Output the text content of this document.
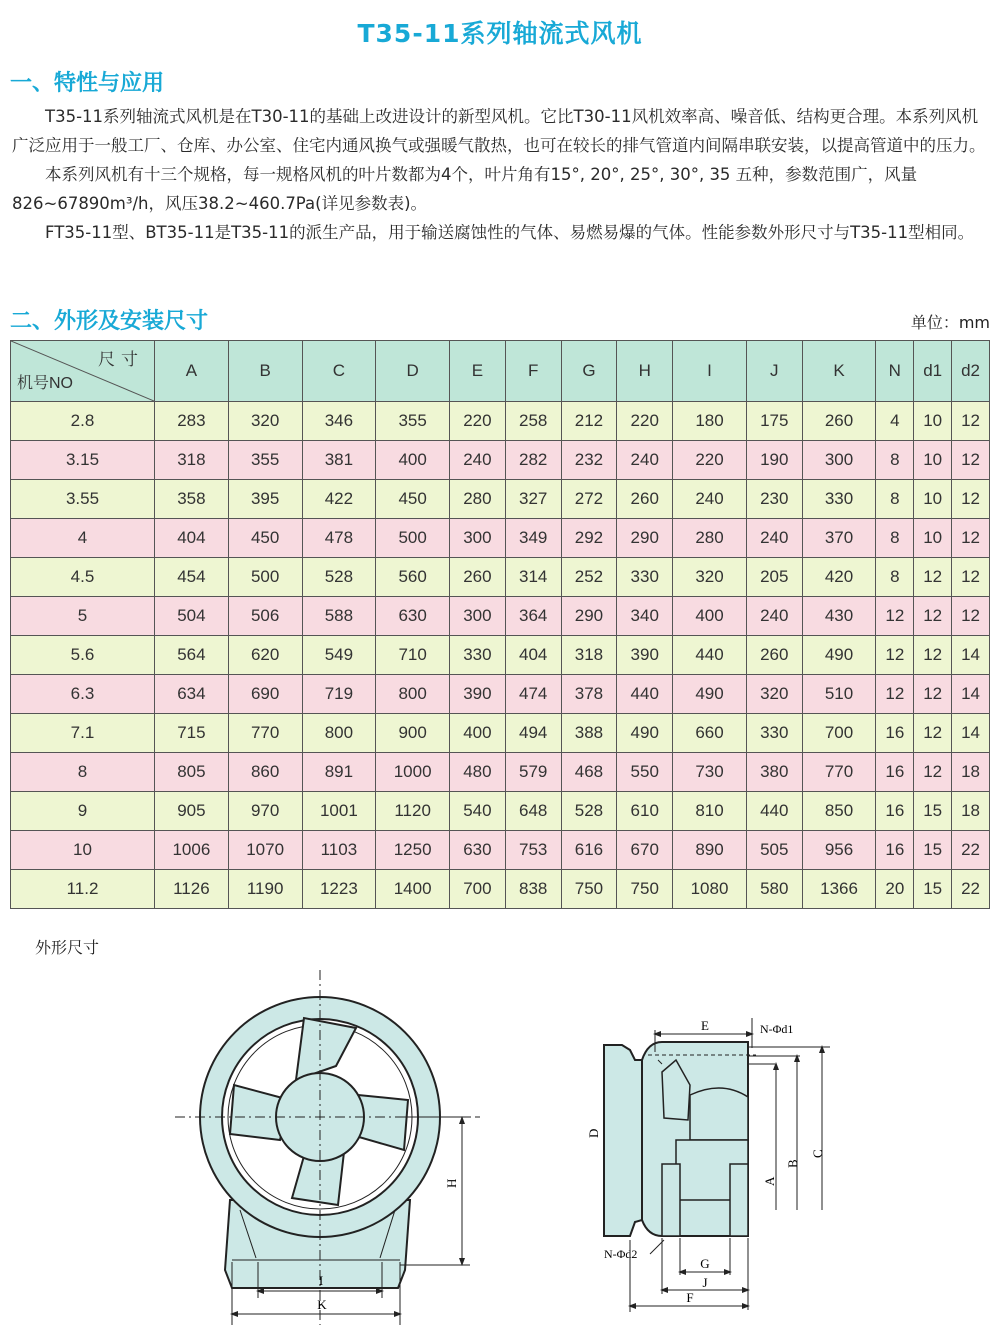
T35-11系列轴流式风机
一、特性与应用

T35-11系列轴流式风机是在T30-11的基础上改进设计的新型风机。它比T30-11风机效率高、噪音低、结构更合理。本系列风机广泛应用于一般工厂、仓库、办公室、住宅内通风换气或强暖气散热，也可在较长的排气管道内间隔串联安装，以提高管道中的压力。

本系列风机有十三个规格，每一规格风机的叶片数都为4个，叶片角有15°, 20°, 25°, 30°, 35 五种，参数范围广，风量826~67890m³/h，风压38.2~460.7Pa(详见参数表)。

FT35-11型、BT35-11是T35-11的派生产品，用于输送腐蚀性的气体、易燃易爆的气体。性能参数外形尺寸与T35-11型相同。

二、外形及安装尺寸	单位：mm
尺寸
机号NO	A	B	C	D	E	F	G	H	I	J	K	N	d1	d2
2.8	283	320	346	355	220	258	212	220	180	175	260	4	10	12
3.15	318	355	381	400	240	282	232	240	220	190	300	8	10	12
3.55	358	395	422	450	280	327	272	260	240	230	330	8	10	12
4	404	450	478	500	300	349	292	290	280	240	370	8	10	12
4.5	454	500	528	560	260	314	252	330	320	205	420	8	12	12
5	504	506	588	630	300	364	290	340	400	240	430	12	12	12
5.6	564	620	549	710	330	404	318	390	440	260	490	12	12	14
6.3	634	690	719	800	390	474	378	440	490	320	510	12	12	14
7.1	715	770	800	900	400	494	388	490	660	330	700	16	12	14
8	805	860	891	1000	480	579	468	550	730	380	770	16	12	18
9	905	970	1001	1120	540	648	528	610	810	440	850	16	15	18
10	1006	1070	1103	1250	630	753	616	670	890	505	956	16	15	22
11.2	1126	1190	1223	1400	700	838	750	750	1080	580	1366	20	15	22
外形尺寸
H
I
K
E	N-Φd1
A
B
C
D
N-Φd2
G
J
F
